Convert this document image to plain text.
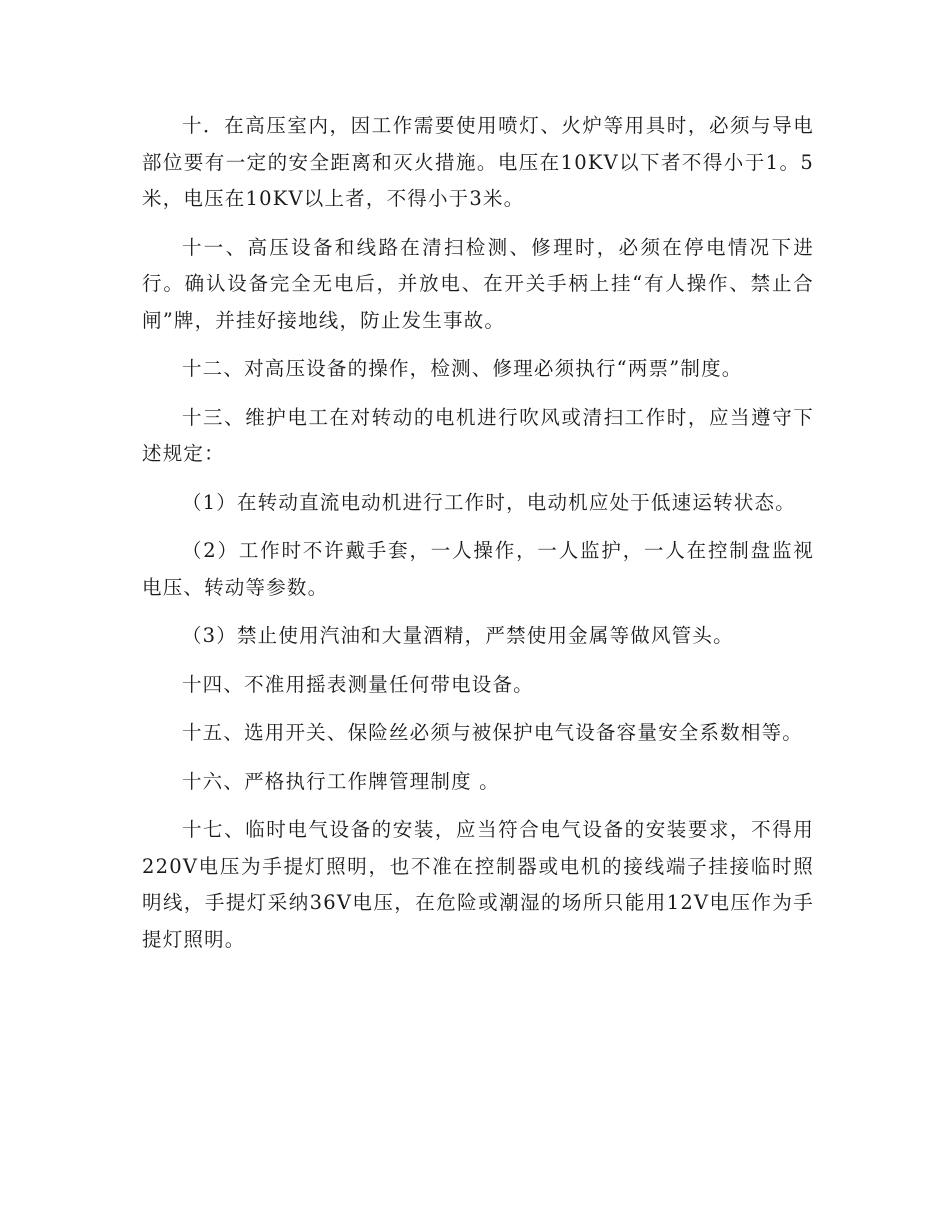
十．在高压室内，因工作需要使用喷灯、火炉等用具时，必须与导电部位要有一定的安全距离和灭火措施。电压在10KV以下者不得小于1。5米，电压在10KV以上者，不得小于3米。

十一、高压设备和线路在清扫检测、修理时，必须在停电情况下进行。确认设备完全无电后，并放电、在开关手柄上挂“有人操作、禁止合闸”牌，并挂好接地线，防止发生事故。

十二、对高压设备的操作，检测、修理必须执行“两票”制度。

十三、维护电工在对转动的电机进行吹风或清扫工作时，应当遵守下述规定：

（1）在转动直流电动机进行工作时，电动机应处于低速运转状态。

（2）工作时不许戴手套，一人操作，一人监护，一人在控制盘监视电压、转动等参数。

（3）禁止使用汽油和大量酒精，严禁使用金属等做风管头。

十四、不准用摇表测量任何带电设备。

十五、选用开关、保险丝必须与被保护电气设备容量安全系数相等。

十六、严格执行工作牌管理制度 。

十七、临时电气设备的安装，应当符合电气设备的安装要求，不得用220V电压为手提灯照明，也不准在控制器或电机的接线端子挂接临时照明线，手提灯采纳36V电压，在危险或潮湿的场所只能用12V电压作为手提灯照明。
